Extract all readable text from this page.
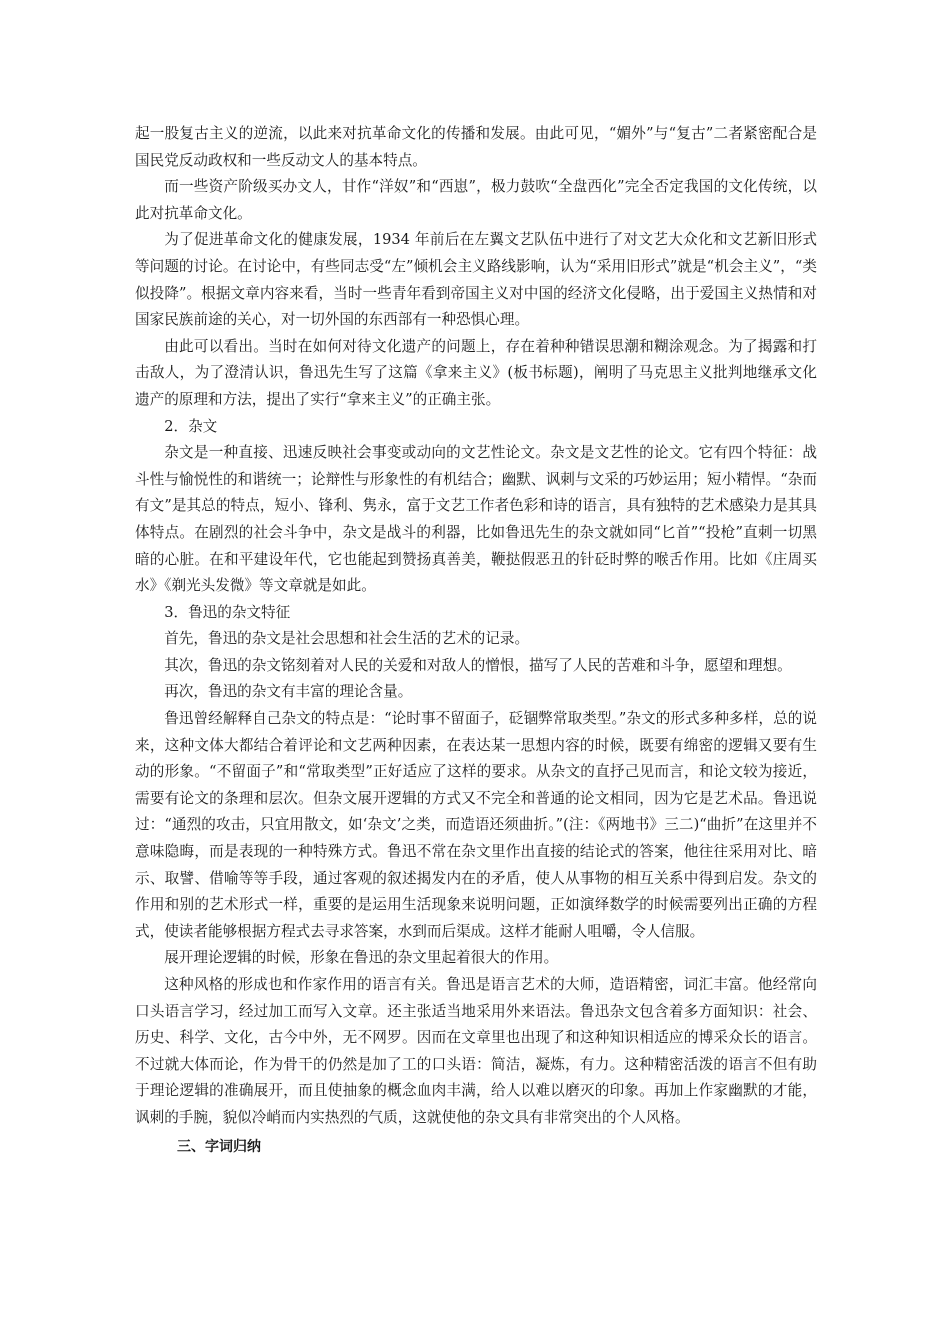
起一股复古主义的逆流，以此来对抗革命文化的传播和发展。由此可见，“媚外”与“复古”二者紧密配合是国民党反动政权和一些反动文人的基本特点。

而一些资产阶级买办文人，甘作“洋奴”和“西崽”，极力鼓吹“全盘西化”完全否定我国的文化传统，以此对抗革命文化。

为了促进革命文化的健康发展，1934 年前后在左翼文艺队伍中进行了对文艺大众化和文艺新旧形式等问题的讨论。在讨论中，有些同志受“左”倾机会主义路线影响，认为“采用旧形式”就是“机会主义”，“类似投降”。根据文章内容来看，当时一些青年看到帝国主义对中国的经济文化侵略，出于爱国主义热情和对国家民族前途的关心，对一切外国的东西部有一种恐惧心理。

由此可以看出。当时在如何对待文化遗产的问题上，存在着种种错误思潮和糊涂观念。为了揭露和打击敌人，为了澄清认识，鲁迅先生写了这篇《拿来主义》(板书标题)，阐明了马克思主义批判地继承文化遗产的原理和方法，提出了实行“拿来主义”的正确主张。

2．杂文

杂文是一种直接、迅速反映社会事变或动向的文艺性论文。杂文是文艺性的论文。它有四个特征：战斗性与愉悦性的和谐统一；论辩性与形象性的有机结合；幽默、讽刺与文采的巧妙运用；短小精悍。“杂而有文”是其总的特点，短小、锋利、隽永，富于文艺工作者色彩和诗的语言，具有独特的艺术感染力是其具体特点。在剧烈的社会斗争中，杂文是战斗的利器，比如鲁迅先生的杂文就如同“匕首”“投枪”直刺一切黑暗的心脏。在和平建设年代，它也能起到赞扬真善美，鞭挞假恶丑的针砭时弊的喉舌作用。比如《庄周买水》《剃光头发微》等文章就是如此。

3．鲁迅的杂文特征

首先，鲁迅的杂文是社会思想和社会生活的艺术的记录。

其次，鲁迅的杂文铭刻着对人民的关爱和对敌人的憎恨，描写了人民的苦难和斗争，愿望和理想。

再次，鲁迅的杂文有丰富的理论含量。

鲁迅曾经解释自己杂文的特点是：“论时事不留面子，砭锢弊常取类型。”杂文的形式多种多样，总的说来，这种文体大都结合着评论和文艺两种因素，在表达某一思想内容的时候，既要有绵密的逻辑又要有生动的形象。“不留面子”和“常取类型”正好适应了这样的要求。从杂文的直抒己见而言，和论文较为接近，需要有论文的条理和层次。但杂文展开逻辑的方式又不完全和普通的论文相同，因为它是艺术品。鲁迅说过：“通烈的攻击，只宜用散文，如‘杂文’之类，而造语还须曲折。”(注：《两地书》三二)“曲折”在这里并不意味隐晦，而是表现的一种特殊方式。鲁迅不常在杂文里作出直接的结论式的答案，他往往采用对比、暗示、取譬、借喻等等手段，通过客观的叙述揭发内在的矛盾，使人从事物的相互关系中得到启发。杂文的作用和别的艺术形式一样，重要的是运用生活现象来说明问题，正如演绎数学的时候需要列出正确的方程式，使读者能够根据方程式去寻求答案，水到而后渠成。这样才能耐人咀嚼，令人信服。

展开理论逻辑的时候，形象在鲁迅的杂文里起着很大的作用。

这种风格的形成也和作家作用的语言有关。鲁迅是语言艺术的大师，造语精密，词汇丰富。他经常向口头语言学习，经过加工而写入文章。还主张适当地采用外来语法。鲁迅杂文包含着多方面知识：社会、历史、科学、文化，古今中外，无不网罗。因而在文章里也出现了和这种知识相适应的博采众长的语言。不过就大体而论，作为骨干的仍然是加了工的口头语：简洁，凝炼，有力。这种精密活泼的语言不但有助于理论逻辑的准确展开，而且使抽象的概念血肉丰满，给人以难以磨灭的印象。再加上作家幽默的才能，讽刺的手腕，貌似冷峭而内实热烈的气质，这就使他的杂文具有非常突出的个人风格。

三、字词归纳
